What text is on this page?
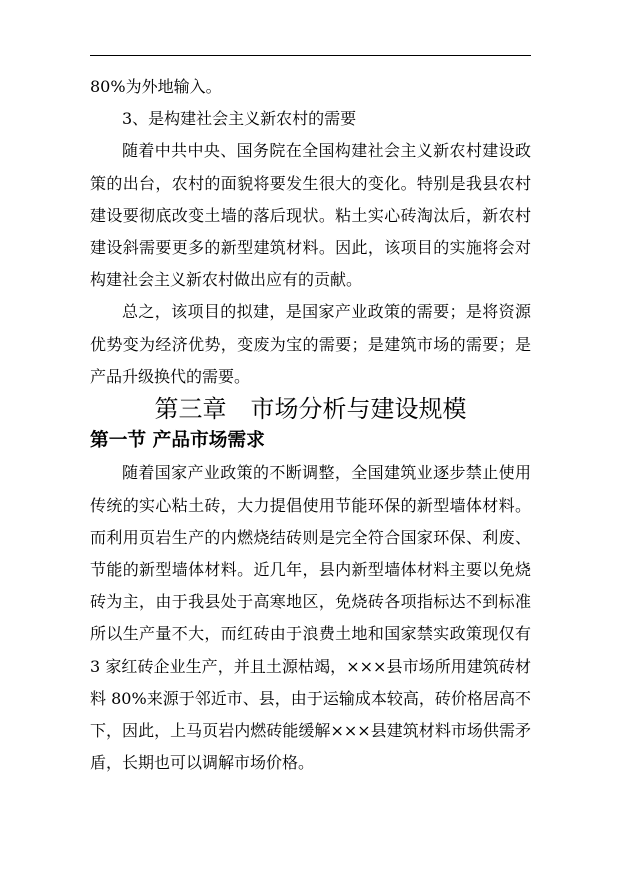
80%为外地输入。

3、是构建社会主义新农村的需要

随着中共中央、国务院在全国构建社会主义新农村建设政策的出台，农村的面貌将要发生很大的变化。特别是我县农村建设要彻底改变土墙的落后现状。粘土实心砖淘汰后，新农村建设斜需要更多的新型建筑材料。因此，该项目的实施将会对构建社会主义新农村做出应有的贡献。

总之，该项目的拟建，是国家产业政策的需要；是将资源优势变为经济优势，变废为宝的需要；是建筑市场的需要；是产品升级换代的需要。

第三章　市场分析与建设规模
第一节 产品市场需求

随着国家产业政策的不断调整，全国建筑业逐步禁止使用传统的实心粘土砖，大力提倡使用节能环保的新型墙体材料。而利用页岩生产的内燃烧结砖则是完全符合国家环保、利废、节能的新型墙体材料。近几年，县内新型墙体材料主要以免烧砖为主，由于我县处于高寒地区，免烧砖各项指标达不到标准所以生产量不大，而红砖由于浪费土地和国家禁实政策现仅有 3 家红砖企业生产，并且土源枯竭，×××县市场所用建筑砖材料 80%来源于邻近市、县，由于运输成本较高，砖价格居高不下，因此，上马页岩内燃砖能缓解×××县建筑材料市场供需矛盾，长期也可以调解市场价格。
